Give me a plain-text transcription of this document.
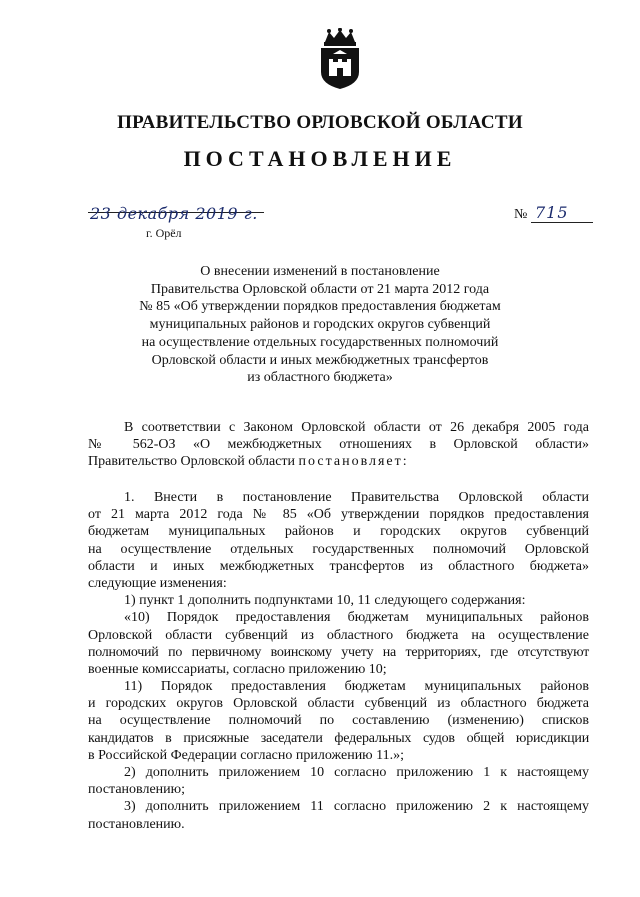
ПРАВИТЕЛЬСТВО ОРЛОВСКОЙ ОБЛАСТИ
ПОСТАНОВЛЕНИЕ
23 декабря 2019 г.
г. Орёл
№ 715
О внесении изменений в постановление
Правительства Орловской области от 21 марта 2012 года
№ 85 «Об утверждении порядков предоставления бюджетам
муниципальных районов и городских округов субвенций
на осуществление отдельных государственных полномочий
Орловской области и иных межбюджетных трансфертов
из областного бюджета»
В соответствии с Законом Орловской области от 26 декабря 2005 года
№ 562-ОЗ «О межбюджетных отношениях в Орловской области»
Правительство Орловской области постановляет:
1. Внести в постановление Правительства Орловской области
от 21 марта 2012 года № 85 «Об утверждении порядков предоставления
бюджетам муниципальных районов и городских округов субвенций
на осуществление отдельных государственных полномочий Орловской
области и иных межбюджетных трансфертов из областного бюджета»
следующие изменения:
1) пункт 1 дополнить подпунктами 10, 11 следующего содержания:
«10) Порядок предоставления бюджетам муниципальных районов
Орловской области субвенций из областного бюджета на осуществление
полномочий по первичному воинскому учету на территориях, где отсутствуют
военные комиссариаты, согласно приложению 10;
11) Порядок предоставления бюджетам муниципальных районов
и городских округов Орловской области субвенций из областного бюджета
на осуществление полномочий по составлению (изменению) списков
кандидатов в присяжные заседатели федеральных судов общей юрисдикции
в Российской Федерации согласно приложению 11.»;
2) дополнить приложением 10 согласно приложению 1 к настоящему
постановлению;
3) дополнить приложением 11 согласно приложению 2 к настоящему
постановлению.
